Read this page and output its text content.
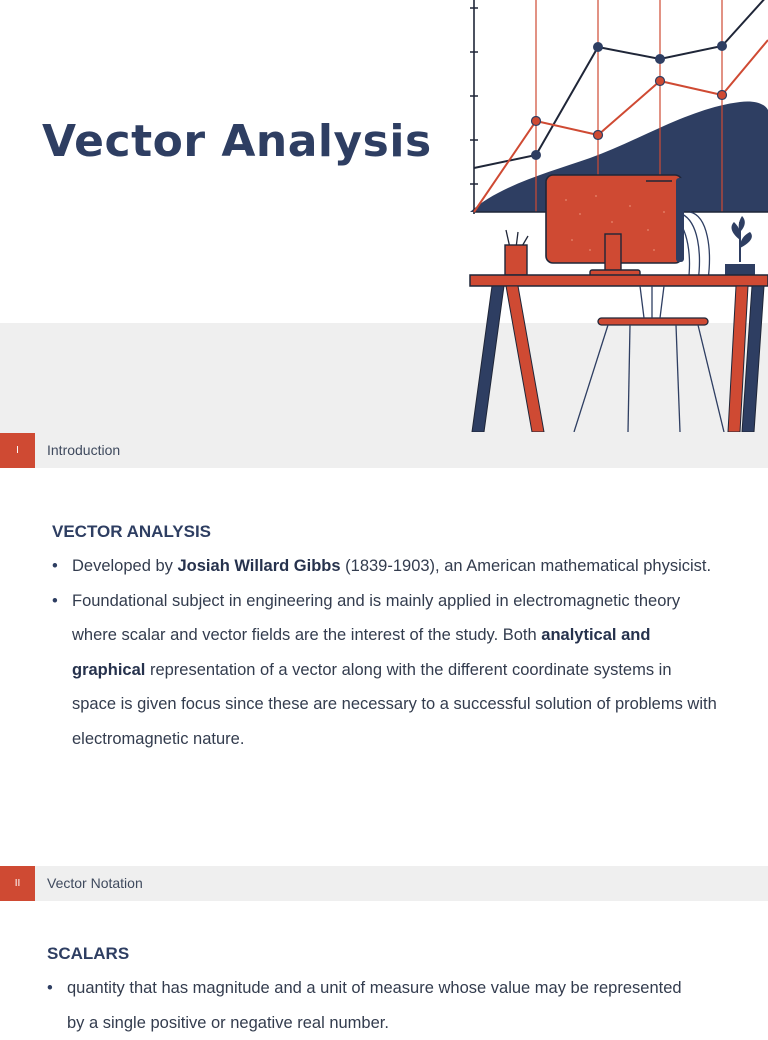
Vector Analysis
I	Introduction
VECTOR ANALYSIS
• Developed by Josiah Willard Gibbs (1839-1903), an American mathematical physicist.
• Foundational subject in engineering and is mainly applied in electromagnetic theory where scalar and vector fields are the interest of the study. Both analytical and graphical representation of a vector along with the different coordinate systems in space is given focus since these are necessary to a successful solution of problems with electromagnetic nature.
II	Vector Notation
SCALARS
• quantity that has magnitude and a unit of measure whose value may be represented by a single positive or negative real number.
